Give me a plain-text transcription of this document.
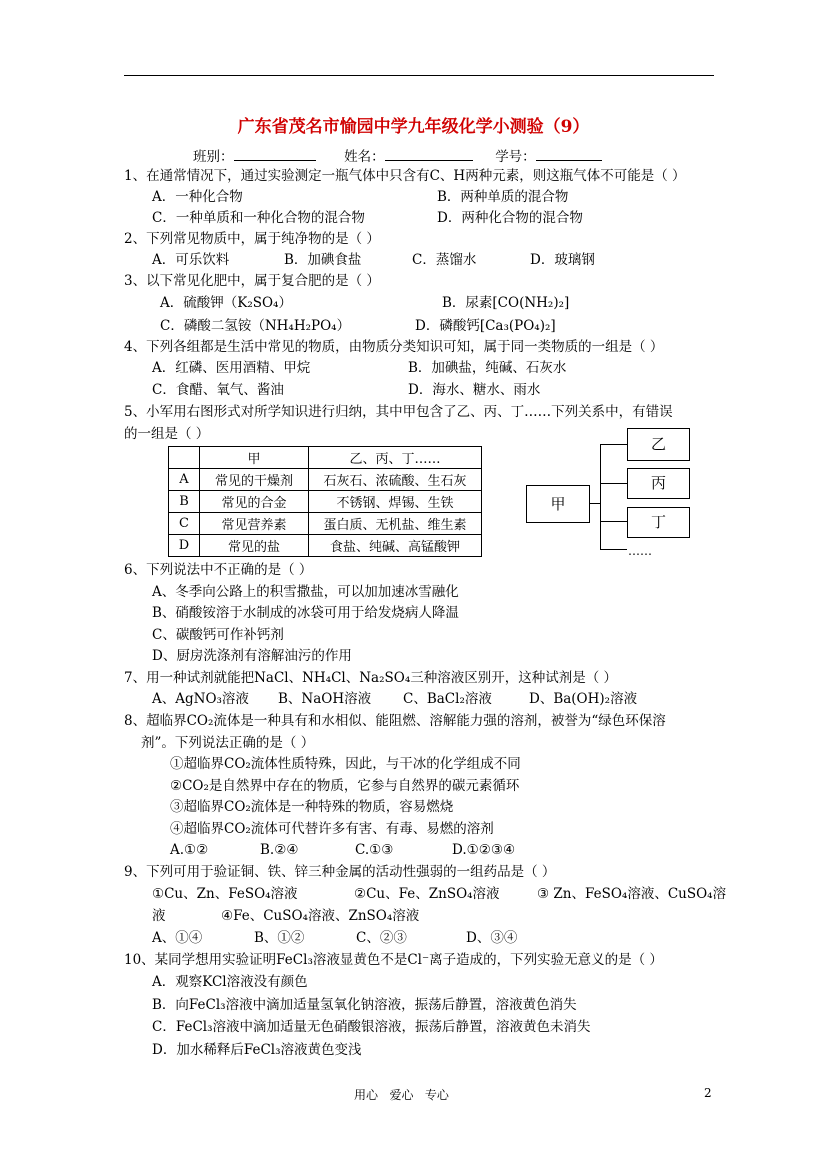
广东省茂名市愉园中学九年级化学小测验（9）
班别：	姓名：	学号：
1、在通常情况下，通过实验测定一瓶气体中只含有C、H两种元素，则这瓶气体不可能是（ ）
A．一种化合物	B．两种单质的混合物
C．一种单质和一种化合物的混合物	D．两种化合物的混合物
2、下列常见物质中，属于纯净物的是（ ）
A．可乐饮料	B．加碘食盐	C．蒸馏水	D．玻璃钢
3、以下常见化肥中，属于复合肥的是（ ）
A．硫酸钾（K₂SO₄）	B．尿素[CO(NH₂)₂]
C．磷酸二氢铵（NH₄H₂PO₄）	D．磷酸钙[Ca₃(PO₄)₂]
4、下列各组都是生活中常见的物质，由物质分类知识可知，属于同一类物质的一组是（ ）
A．红磷、医用酒精、甲烷	B．加碘盐，纯碱、石灰水
C．食醋、氧气、酱油	D．海水、糖水、雨水
5、小军用右图形式对所学知识进行归纳，其中甲包含了乙、丙、丁……下列关系中，有错误
的一组是（ ）
	甲	乙、丙、丁……
A	常见的干燥剂	石灰石、浓硫酸、生石灰
B	常见的合金	不锈钢、焊锡、生铁
C	常见营养素	蛋白质、无机盐、维生素
D	常见的盐	食盐、纯碱、高锰酸钾
甲
乙
丙
丁
……
6、下列说法中不正确的是（ ）
A、冬季向公路上的积雪撒盐，可以加加速冰雪融化
B、硝酸铵溶于水制成的冰袋可用于给发烧病人降温
C、碳酸钙可作补钙剂
D、厨房洗涤剂有溶解油污的作用
7、用一种试剂就能把NaCl、NH₄Cl、Na₂SO₄三种溶液区别开，这种试剂是（ ）
A、AgNO₃溶液 B、NaOH溶液 C、BaCl₂溶液	D、Ba(OH)₂溶液
8、超临界CO₂流体是一种具有和水相似、能阻燃、溶解能力强的溶剂，被誉为“绿色环保溶
剂”。下列说法正确的是（ ）
①超临界CO₂流体性质特殊，因此，与干冰的化学组成不同
②CO₂是自然界中存在的物质，它参与自然界的碳元素循环
③超临界CO₂流体是一种特殊的物质，容易燃烧
④超临界CO₂流体可代替许多有害、有毒、易燃的溶剂
A.①②	B.②④	C.①③	D.①②③④
9、下列可用于验证铜、铁、锌三种金属的活动性强弱的一组药品是（ ）
①Cu、Zn、FeSO₄溶液	②Cu、Fe、ZnSO₄溶液	③ Zn、FeSO₄溶液、CuSO₄溶
液	④Fe、CuSO₄溶液、ZnSO₄溶液
A、①④	B、①②	C、②③	D、③④
10、某同学想用实验证明FeCl₃溶液显黄色不是Cl⁻离子造成的，下列实验无意义的是（ ）
A．观察KCl溶液没有颜色
B．向FeCl₃溶液中滴加适量氢氧化钠溶液，振荡后静置，溶液黄色消失
C．FeCl₃溶液中滴加适量无色硝酸银溶液，振荡后静置，溶液黄色未消失
D．加水稀释后FeCl₃溶液黄色变浅
用心   爱心   专心	2
